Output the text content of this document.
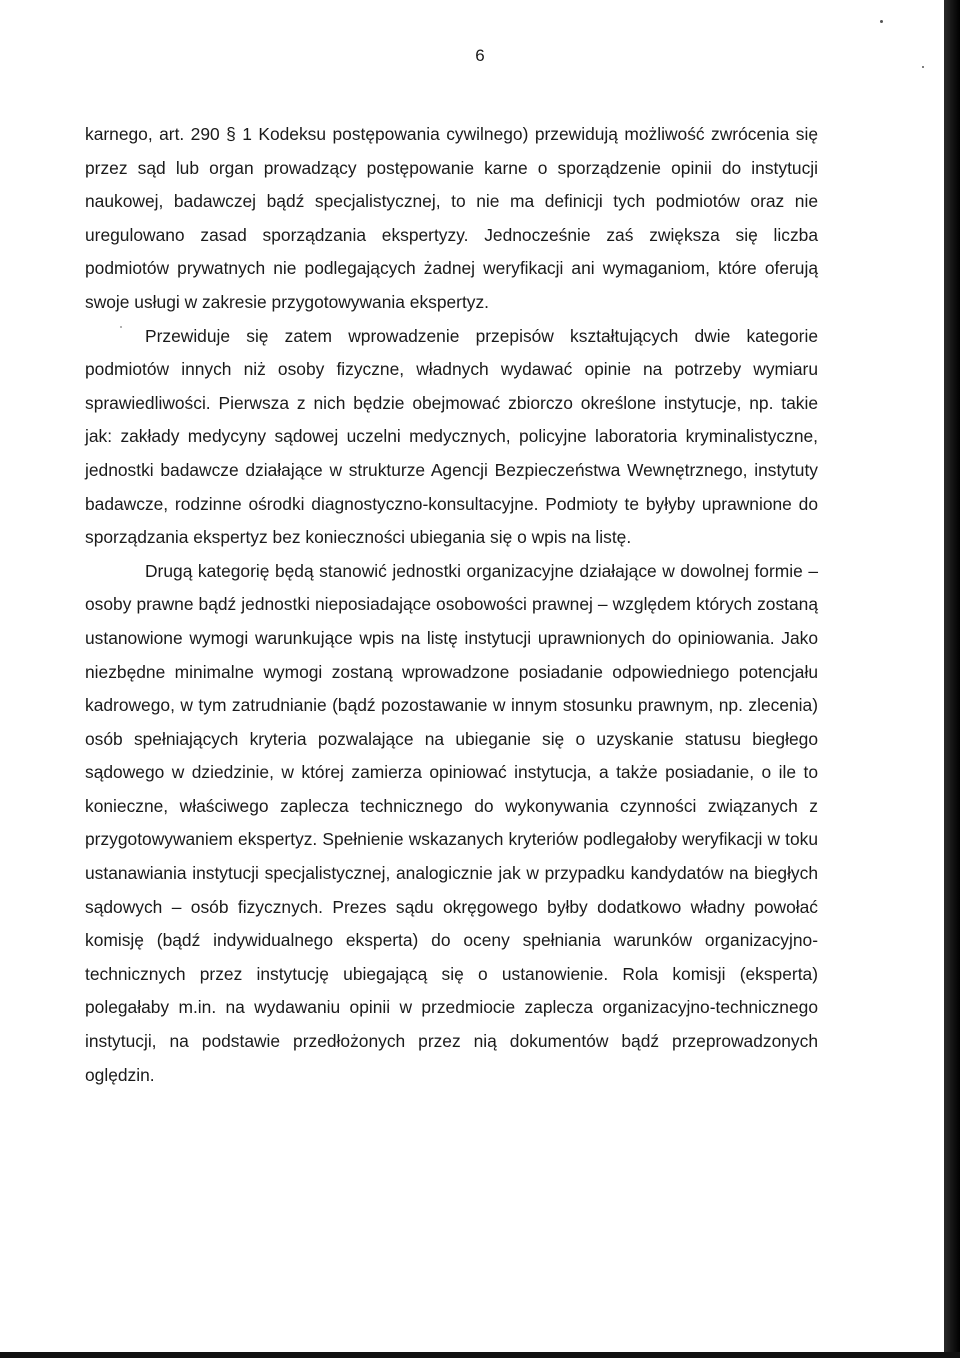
6

karnego, art. 290 § 1 Kodeksu postępowania cywilnego) przewidują możliwość zwrócenia się przez sąd lub organ prowadzący postępowanie karne o sporządzenie opinii do instytucji naukowej, badawczej bądź specjalistycznej, to nie ma definicji tych podmiotów oraz nie uregulowano zasad sporządzania ekspertyzy. Jednocześnie zaś zwiększa się liczba podmiotów prywatnych nie podlegających żadnej weryfikacji ani wymaganiom, które oferują swoje usługi w zakresie przygotowywania ekspertyz.

Przewiduje się zatem wprowadzenie przepisów kształtujących dwie kategorie podmiotów innych niż osoby fizyczne, władnych wydawać opinie na potrzeby wymiaru sprawiedliwości. Pierwsza z nich będzie obejmować zbiorczo określone instytucje, np. takie jak: zakłady medycyny sądowej uczelni medycznych, policyjne laboratoria kryminalistyczne, jednostki badawcze działające w strukturze Agencji Bezpieczeństwa Wewnętrznego, instytuty badawcze, rodzinne ośrodki diagnostyczno-konsultacyjne. Podmioty te byłyby uprawnione do sporządzania ekspertyz bez konieczności ubiegania się o wpis na listę.

Drugą kategorię będą stanowić jednostki organizacyjne działające w dowolnej formie – osoby prawne bądź jednostki nieposiadające osobowości prawnej – względem których zostaną ustanowione wymogi warunkujące wpis na listę instytucji uprawnionych do opiniowania. Jako niezbędne minimalne wymogi zostaną wprowadzone posiadanie odpowiedniego potencjału kadrowego, w tym zatrudnianie (bądź pozostawanie w innym stosunku prawnym, np. zlecenia) osób spełniających kryteria pozwalające na ubieganie się o uzyskanie statusu biegłego sądowego w dziedzinie, w której zamierza opiniować instytucja, a także posiadanie, o ile to konieczne, właściwego zaplecza technicznego do wykonywania czynności związanych z przygotowywaniem ekspertyz. Spełnienie wskazanych kryteriów podlegałoby weryfikacji w toku ustanawiania instytucji specjalistycznej, analogicznie jak w przypadku kandydatów na biegłych sądowych – osób fizycznych. Prezes sądu okręgowego byłby dodatkowo władny powołać komisję (bądź indywidualnego eksperta) do oceny spełniania warunków organizacyjno-technicznych przez instytucję ubiegającą się o ustanowienie. Rola komisji (eksperta) polegałaby m.in. na wydawaniu opinii w przedmiocie zaplecza organizacyjno-technicznego instytucji, na podstawie przedłożonych przez nią dokumentów bądź przeprowadzonych oględzin.
